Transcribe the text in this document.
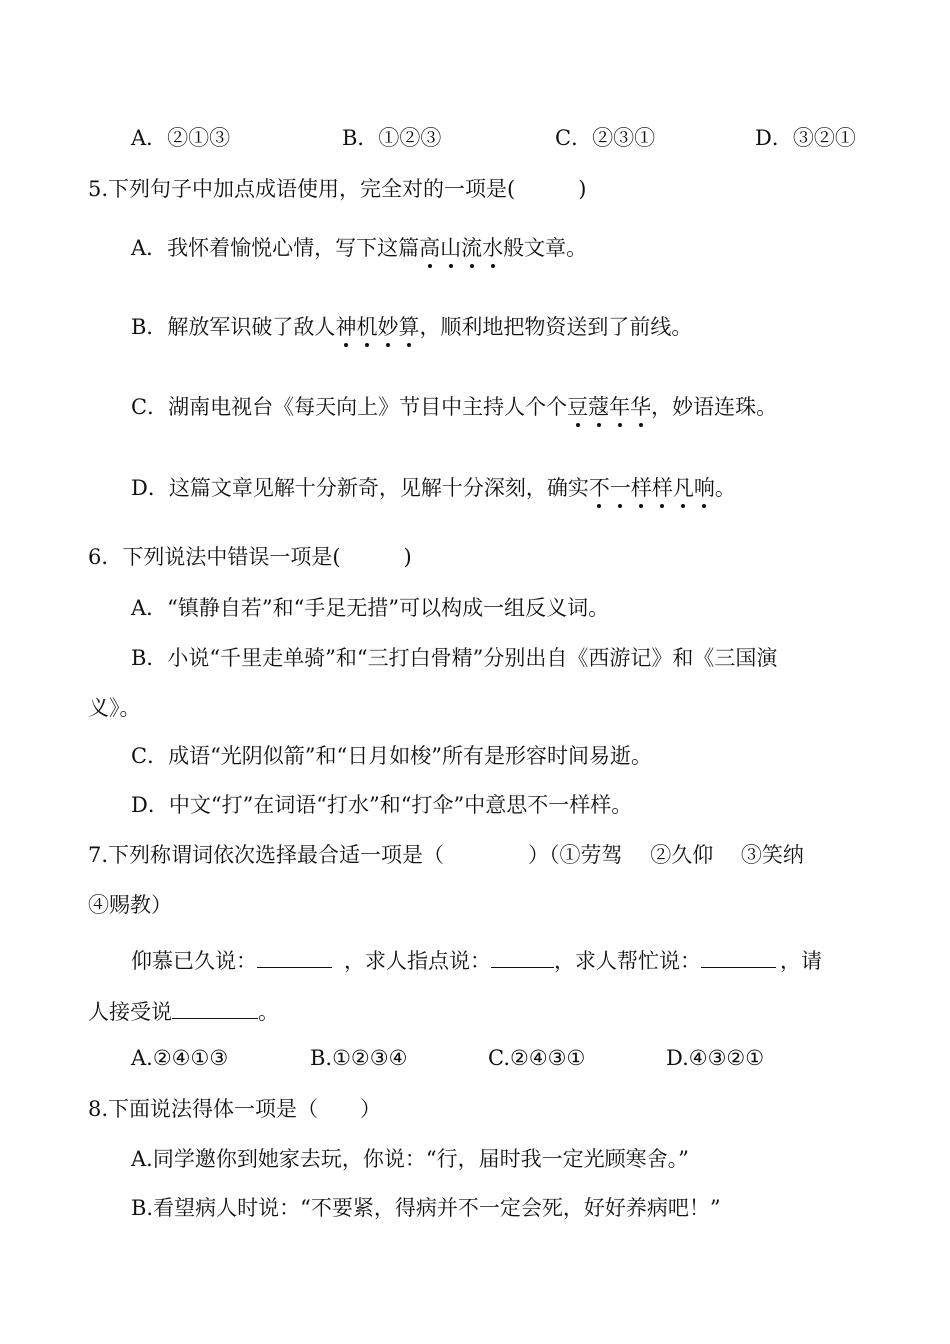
A．②①③	B．①②③	C．②③①	D．③②①
5.下列句子中加点成语使用，完全对的一项是(　　　)
A．我怀着愉悦心情，写下这篇高山流水般文章。
B．解放军识破了敌人神机妙算，顺利地把物资送到了前线。
C．湖南电视台《每天向上》节目中主持人个个豆蔻年华，妙语连珠。
D．这篇文章见解十分新奇，见解十分深刻，确实不一样样凡响。
6．下列说法中错误一项是(　　　)
A．“镇静自若”和“手足无措”可以构成一组反义词。
B．小说“千里走单骑”和“三打白骨精”分别出自《西游记》和《三国演
义》。
C．成语“光阴似箭”和“日月如梭”所有是形容时间易逝。
D．中文“打”在词语“打水”和“打伞”中意思不一样样。
7.下列称谓词依次选择最合适一项是（　　　　）（①劳驾　 ②久仰　 ③笑纳
④赐教）
仰慕已久说：	，求人指点说：	，求人帮忙说：	，请
人接受说	。
A.②④①③	B.①②③④	C.②④③①	D.④③②①
8.下面说法得体一项是（　　）
A.同学邀你到她家去玩，你说：“行，届时我一定光顾寒舍。”
B.看望病人时说：“不要紧，得病并不一定会死，好好养病吧！”
